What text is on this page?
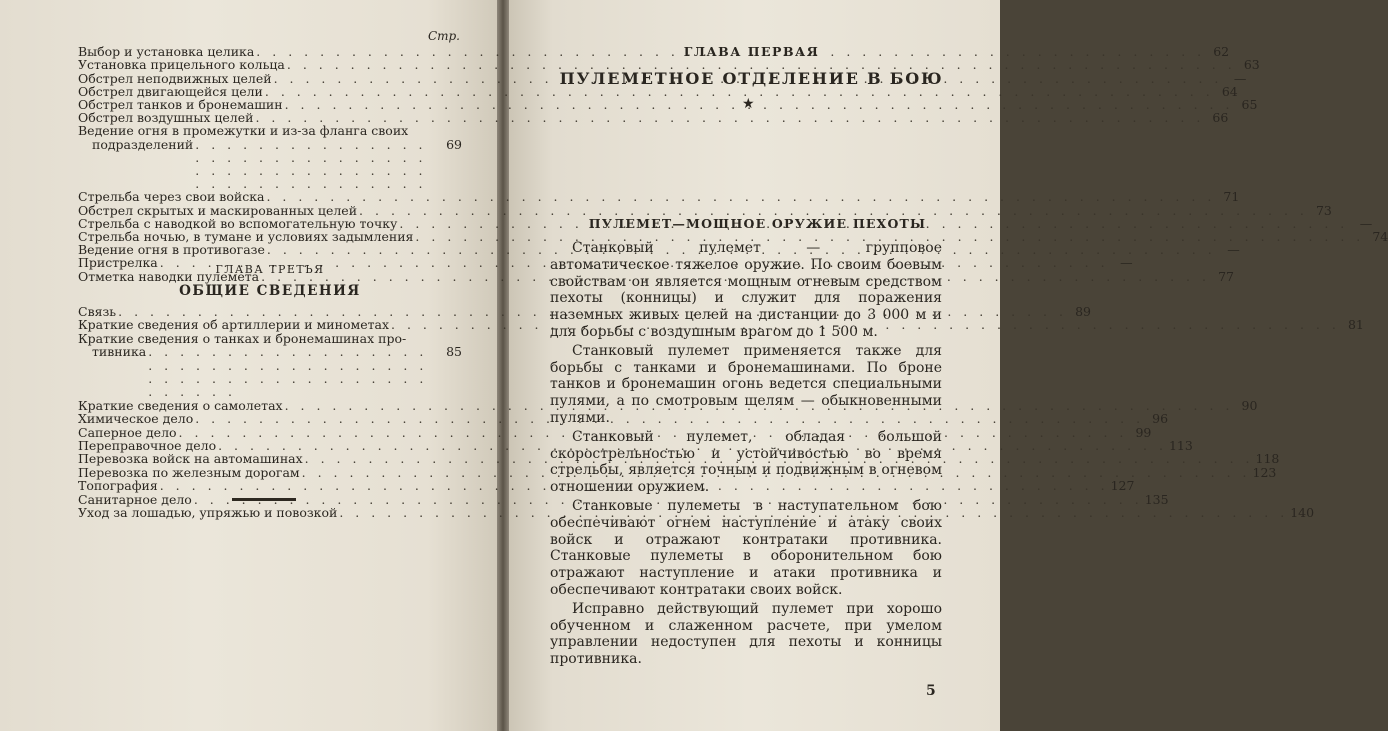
Стр.
Выбор и установка целика . . .	62
Установка прицельного кольца . . .	63
Обстрел неподвижных целей . . .	—
Обстрел двигающейся цели . . .	64
Обстрел танков и бронемашин . . .	65
Обстрел воздушных целей . . .	66
Ведение огня в промежутки и из-за фланга своих
подразделений . . .	69
Стрельба через свои войска . . .	71
Обстрел скрытых и маскированных целей . . .	73
Стрельба с наводкой во вспомогательную точку . . .	—
Стрельба ночью, в тумане и условиях задымления . . .	74
Ведение огня в противогазе . . .	—
Пристрелка . . .	—
Отметка наводки пулемета . . .	77
ГЛАВА ТРЕТЬЯ
ОБЩИЕ СВЕДЕНИЯ
Связь . . .	89
Краткие сведения об артиллерии и минометах . . .	81
Краткие сведения о танках и бронемашинах про-
тивника . . .	85
Краткие сведения о самолетах . . .	90
Химическое дело . . .	96
Саперное дело . . .	99
Переправочное дело . . .	113
Перевозка войск на автомашинах . . .	118
Перевозка по железным дорогам . . .	123
Топография . . .	127
Санитарное дело . . .	135
Уход за лошадью, упряжью и повозкой . . .	140
ГЛАВА ПЕРВАЯ
ПУЛЕМЕТНОЕ ОТДЕЛЕНИЕ В БОЮ
★
ПУЛЕМЕТ—МОЩНОЕ ОРУЖИЕ ПЕХОТЫ

Станковый пулемет — групповое автоматическое тяжелое оружие. По своим боевым свойствам он является мощным огневым средством пехоты (конницы) и служит для поражения наземных живых целей на дистанции до 3 000 м и для борьбы с воздушным врагом до 1 500 м.

Станковый пулемет применяется также для борьбы с танками и бронемашинами. По броне танков и бронемашин огонь ведется специальными пулями, а по смотровым щелям — обыкновенными пулями.

Станковый пулемет, обладая большой скорострельностью и устойчивостью во время стрельбы, является точным и подвижным в огневом отношении оружием.

Станковые пулеметы в наступательном бою обеспечивают огнем наступление и атаку своих войск и отражают контратаки противника. Станковые пулеметы в оборонительном бою отражают наступление и атаки противника и обеспечивают контратаки своих войск.

Исправно действующий пулемет при хорошо обученном и слаженном расчете, при умелом управлении недоступен для пехоты и конницы противника.

5
